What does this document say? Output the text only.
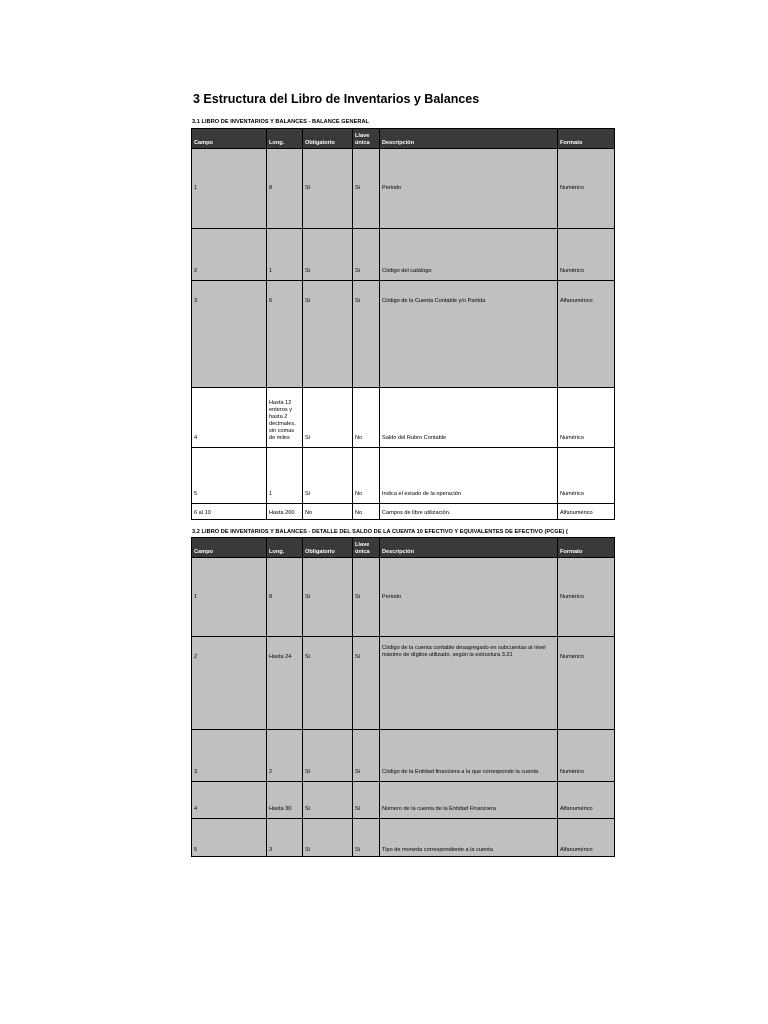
3 Estructura del Libro de Inventarios y Balances
3.1 LIBRO DE INVENTARIOS Y BALANCES - BALANCE GENERAL
Campo	Long.	Obligatorio	Llave única	Descripción	Formato
1	8	Si	Si	Periodo	Numérico
2	1	Si	Si	Código del catálogo	Numérico
3	6	Si	Si	Código de la Cuenta Contable y/o Partida	Alfanumérico
4	Hasta 12 enteros y hasta 2 decimales, sin comas de miles	Si	No	Saldo del Rubro Contable	Numérico
5	1	Si	No	Indica el estado de la operación	Numérico
6 al 10	Hasta 200	No	No	Campos de libre utilización.	Alfanumérico
3.2 LIBRO DE INVENTARIOS Y BALANCES - DETALLE DEL SALDO DE LA CUENTA 10 EFECTIVO Y EQUIVALENTES DE EFECTIVO (PCGE) (
Campo	Long.	Obligatorio	Llave única	Descripción	Formato
1	8	Si	Si	Periodo	Numérico
2	Hasta 24	Si	Si	Código de la cuenta contable desagregado en subcuentas al nivel máximo de dígitos utilizado, según la estructura 3.21	Numérico
3	2	Si	Si	Código de la Entidad financiera a la que corresponde la cuenta	Numérico
4	Hasta 30	Si	Si	Número de la cuenta de la Entidad Financiera	Alfanumérico
5	3	Si	Si	Tipo de moneda correspondiente a la cuenta	Alfanumérico
